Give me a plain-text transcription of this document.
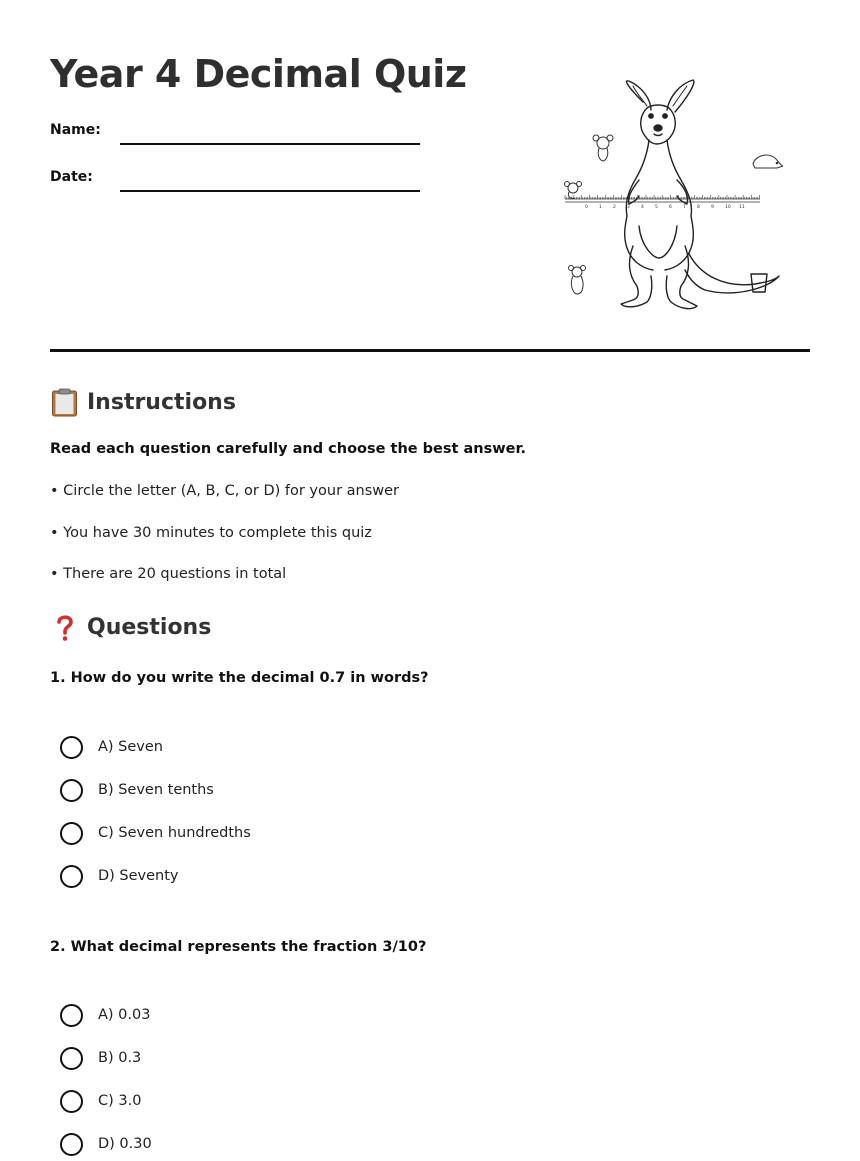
Year 4 Decimal Quiz
Name:
Date:
0 1 2 3 4 5 6 7 8 9 10 11
Instructions
Read each question carefully and choose the best answer.
• Circle the letter (A, B, C, or D) for your answer
• You have 30 minutes to complete this quiz
• There are 20 questions in total
Questions
1. How do you write the decimal 0.7 in words?
A) Seven
B) Seven tenths
C) Seven hundredths
D) Seventy
2. What decimal represents the fraction 3/10?
A) 0.03
B) 0.3
C) 3.0
D) 0.30
